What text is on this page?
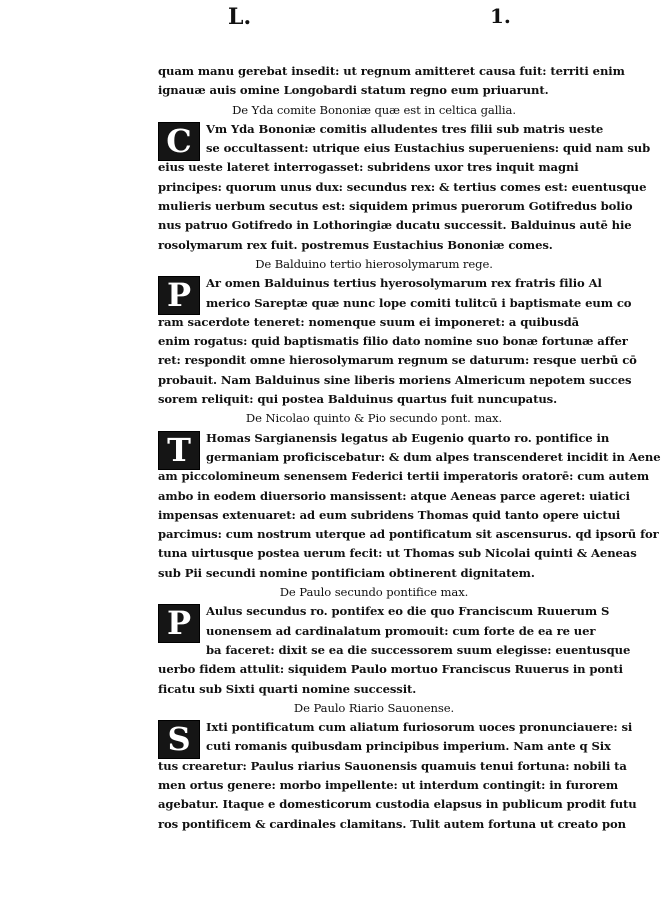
L.	1.
quam manu gerebat insedit: ut regnum amitteret causa fuit: territi enim
ignauæ auis omine Longobardi statum regno eum priuarunt.
De Yda comite Bononiæ quæ est in celtica gallia.
C	Vm Yda Bononiæ comitis alludentes tres filii sub matris ueste
se occultassent: utrique eius Eustachius superueniens: quid nam sub
eius ueste lateret interrogasset: subridens uxor tres inquit magni
principes: quorum unus dux: secundus rex: & tertius comes est: euentusque
mulieris uerbum secutus est: siquidem primus puerorum Gotifredus bolio
nus patruo Gotifredo in Lothoringiæ ducatu successit. Balduinus autē hie
rosolymarum rex fuit. postremus Eustachius Bononiæ comes.
De Balduino tertio hierosolymarum rege.
P	Ar omen Balduinus tertius hyerosolymarum rex fratris filio Al
merico Sareptæ quæ nunc lope comiti tulitcū i baptismate eum co
ram sacerdote teneret: nomenque suum ei imponeret: a quibusdā
enim rogatus: quid baptismatis filio dato nomine suo bonæ fortunæ affer
ret: respondit omne hierosolymarum regnum se daturum: resque uerbū cō
probauit. Nam Balduinus sine liberis moriens Almericum nepotem succes
sorem reliquit: qui postea Balduinus quartus fuit nuncupatus.
De Nicolao quinto & Pio secundo pont. max.
T	Homas Sargianensis legatus ab Eugenio quarto ro. pontifice in
germaniam proficiscebatur: & dum alpes transcenderet incidit in Aene
am piccolomineum senensem Federici tertii imperatoris oratorē: cum autem
ambo in eodem diuersorio mansissent: atque Aeneas parce ageret: uiatici
impensas extenuaret: ad eum subridens Thomas quid tanto opere uictui
parcimus: cum nostrum uterque ad pontificatum sit ascensurus. qd ipsorū for
tuna uirtusque postea uerum fecit: ut Thomas sub Nicolai quinti & Aeneas
sub Pii secundi nomine pontificiam obtinerent dignitatem.
De Paulo secundo pontifice max.
P	Aulus secundus ro. pontifex eo die quo Franciscum Ruuerum S
uonensem ad cardinalatum promouit: cum forte de ea re uer
ba faceret: dixit se ea die successorem suum elegisse: euentusque
uerbo fidem attulit: siquidem Paulo mortuo Franciscus Ruuerus in ponti
ficatu sub Sixti quarti nomine successit.
De Paulo Riario Sauonense.
S	Ixti pontificatum cum aliatum furiosorum uoces pronunciauere: si
cuti romanis quibusdam principibus imperium. Nam ante q Six
tus crearetur: Paulus riarius Sauonensis quamuis tenui fortuna: nobili ta
men ortus genere: morbo impellente: ut interdum contingit: in furorem
agebatur. Itaque e domesticorum custodia elapsus in publicum prodit futu
ros pontificem & cardinales clamitans. Tulit autem fortuna ut creato pon
